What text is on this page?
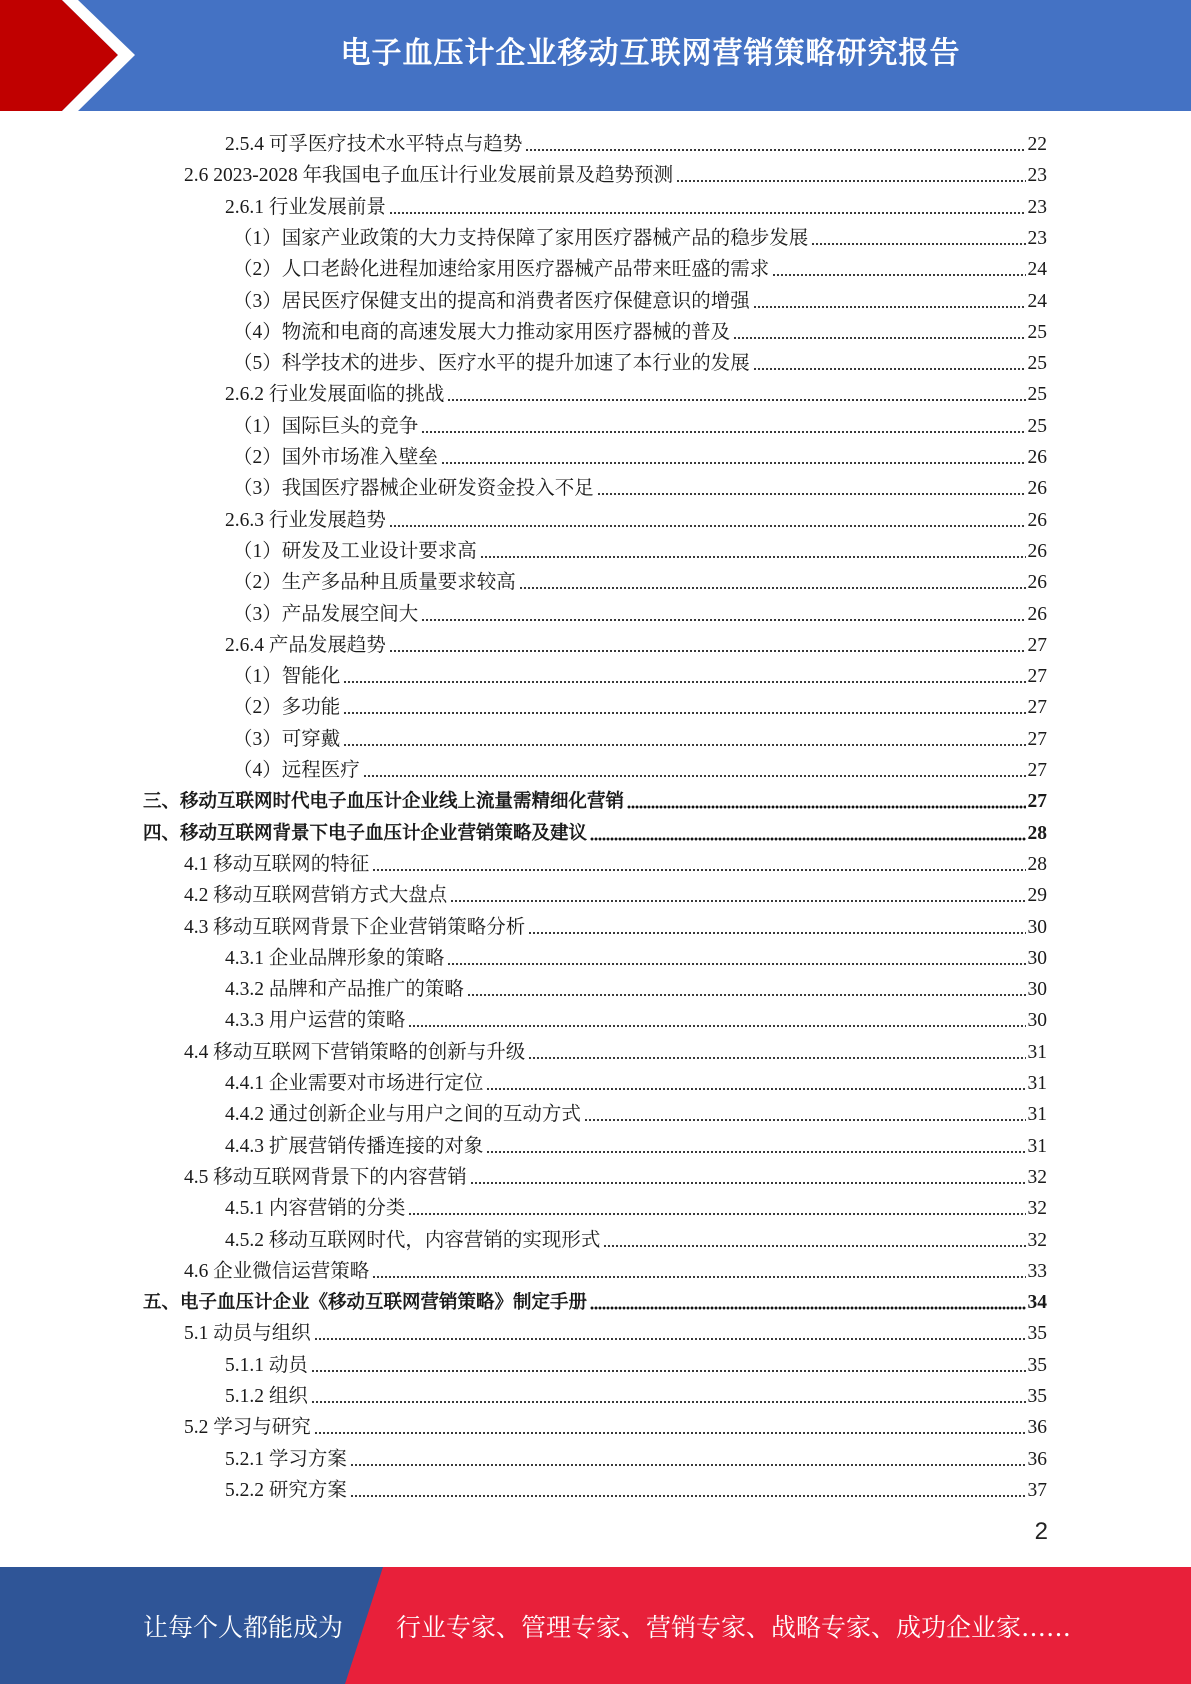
电子血压计企业移动互联网营销策略研究报告
2.5.4 可孚医疗技术水平特点与趋势	22
2.6 2023-2028 年我国电子血压计行业发展前景及趋势预测	23
2.6.1 行业发展前景	23
（1）国家产业政策的大力支持保障了家用医疗器械产品的稳步发展	23
（2）人口老龄化进程加速给家用医疗器械产品带来旺盛的需求	24
（3）居民医疗保健支出的提高和消费者医疗保健意识的增强	24
（4）物流和电商的高速发展大力推动家用医疗器械的普及	25
（5）科学技术的进步、医疗水平的提升加速了本行业的发展	25
2.6.2 行业发展面临的挑战	25
（1）国际巨头的竞争	25
（2）国外市场准入壁垒	26
（3）我国医疗器械企业研发资金投入不足	26
2.6.3 行业发展趋势	26
（1）研发及工业设计要求高	26
（2）生产多品种且质量要求较高	26
（3）产品发展空间大	26
2.6.4 产品发展趋势	27
（1）智能化	27
（2）多功能	27
（3）可穿戴	27
（4）远程医疗	27
三、移动互联网时代电子血压计企业线上流量需精细化营销	27
四、移动互联网背景下电子血压计企业营销策略及建议	28
4.1 移动互联网的特征	28
4.2 移动互联网营销方式大盘点	29
4.3 移动互联网背景下企业营销策略分析	30
4.3.1 企业品牌形象的策略	30
4.3.2 品牌和产品推广的策略	30
4.3.3 用户运营的策略	30
4.4 移动互联网下营销策略的创新与升级	31
4.4.1 企业需要对市场进行定位	31
4.4.2 通过创新企业与用户之间的互动方式	31
4.4.3 扩展营销传播连接的对象	31
4.5 移动互联网背景下的内容营销	32
4.5.1 内容营销的分类	32
4.5.2 移动互联网时代，内容营销的实现形式	32
4.6 企业微信运营策略	33
五、电子血压计企业《移动互联网营销策略》制定手册	34
5.1 动员与组织	35
5.1.1 动员	35
5.1.2 组织	35
5.2 学习与研究	36
5.2.1 学习方案	36
5.2.2 研究方案	37
2
让每个人都能成为 行业专家、管理专家、营销专家、战略专家、成功企业家……
